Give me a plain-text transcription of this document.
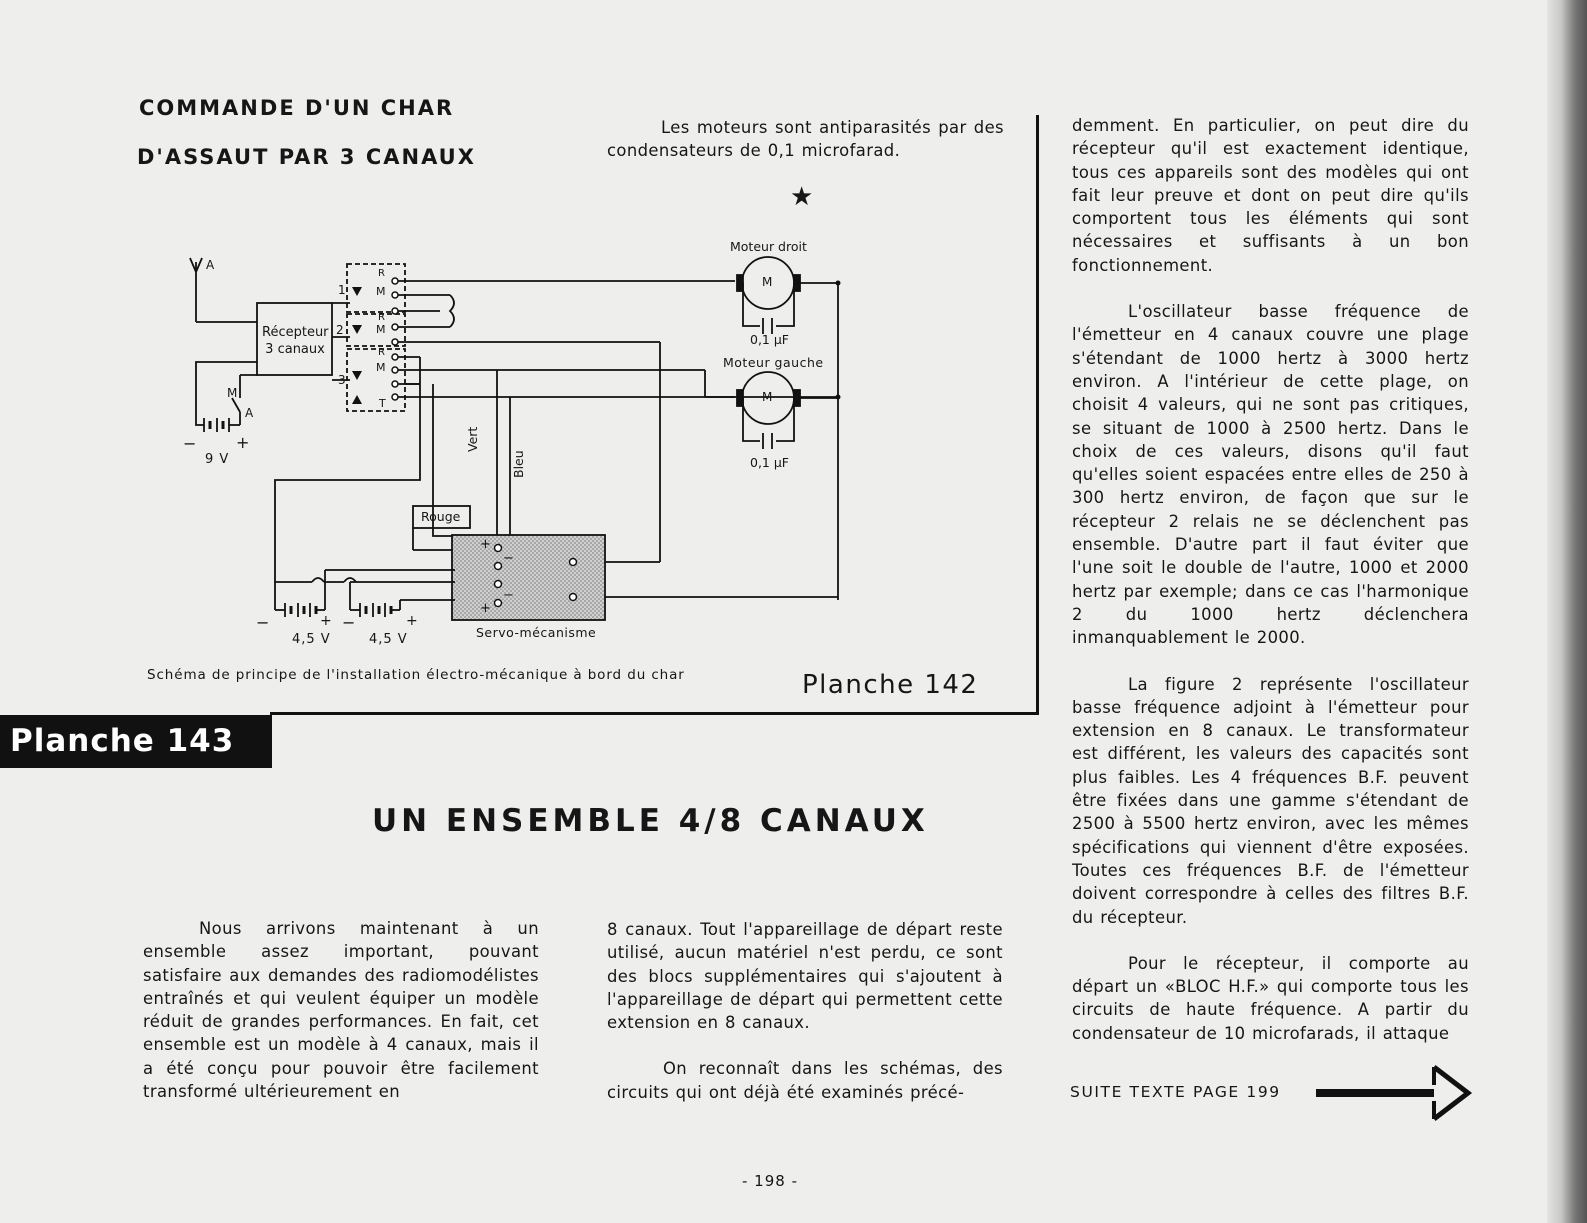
COMMANDE D'UN CHAR
D'ASSAUT PAR 3 CANAUX

Les moteurs sont antiparasités par des condensateurs de 0,1 microfarad.

★
A
Récepteur
3 canaux
M
A
− +
9 V
1
2
3
R
M
R
M
R
M
T
Moteur droit
M
0,1 µF
Moteur gauche
M
0,1 µF
Vert
Bleu
Rouge
+
−
−
+
−	+ −	+
4,5 V	4,5 V	Servo-mécanisme
Schéma de principe de l'installation électro-mécanique à bord du char	Planche 142
Planche 143
UN ENSEMBLE 4/8 CANAUX

demment. En particulier, on peut dire du récepteur qu'il est exactement identique, tous ces appareils sont des modèles qui ont fait leur preuve et dont on peut dire qu'ils comportent tous les éléments qui sont nécessaires et suffisants à un bon fonctionnement.

L'oscillateur basse fréquence de l'émetteur en 4 canaux couvre une plage s'étendant de 1000 hertz à 3000 hertz environ. A l'intérieur de cette plage, on choisit 4 valeurs, qui ne sont pas critiques, se situant de 1000 à 2500 hertz. Dans le choix de ces valeurs, disons qu'il faut qu'elles soient espacées entre elles de 250 à 300 hertz environ, de façon que sur le récepteur 2 relais ne se déclenchent pas ensemble. D'autre part il faut éviter que l'une soit le double de l'autre, 1000 et 2000 hertz par exemple; dans ce cas l'harmonique 2 du 1000 hertz déclenchera inmanquablement le 2000.

La figure 2 représente l'oscillateur basse fréquence adjoint à l'émetteur pour extension en 8 canaux. Le transformateur est différent, les valeurs des capacités sont plus faibles. Les 4 fréquences B.F. peuvent être fixées dans une gamme s'étendant de 2500 à 5500 hertz environ, avec les mêmes spécifications qui viennent d'être exposées. Toutes ces fréquences B.F. de l'émetteur doivent correspondre à celles des filtres B.F. du récepteur.

Pour le récepteur, il comporte au départ un «BLOC H.F.» qui comporte tous les circuits de haute fréquence. A partir du condensateur de 10 microfarads, il attaque

Nous arrivons maintenant à un ensemble assez important, pouvant satisfaire aux demandes des radiomodélistes entraînés et qui veulent équiper un modèle réduit de grandes performances. En fait, cet ensemble est un modèle à 4 canaux, mais il a été conçu pour pouvoir être facilement transformé ultérieurement en

8 canaux. Tout l'appareillage de départ reste utilisé, aucun matériel n'est perdu, ce sont des blocs supplémentaires qui s'ajoutent à l'appareillage de départ qui permettent cette extension en 8 canaux.

On reconnaît dans les schémas, des circuits qui ont déjà été examinés précé-	SUITE TEXTE PAGE 199
- 198 -
